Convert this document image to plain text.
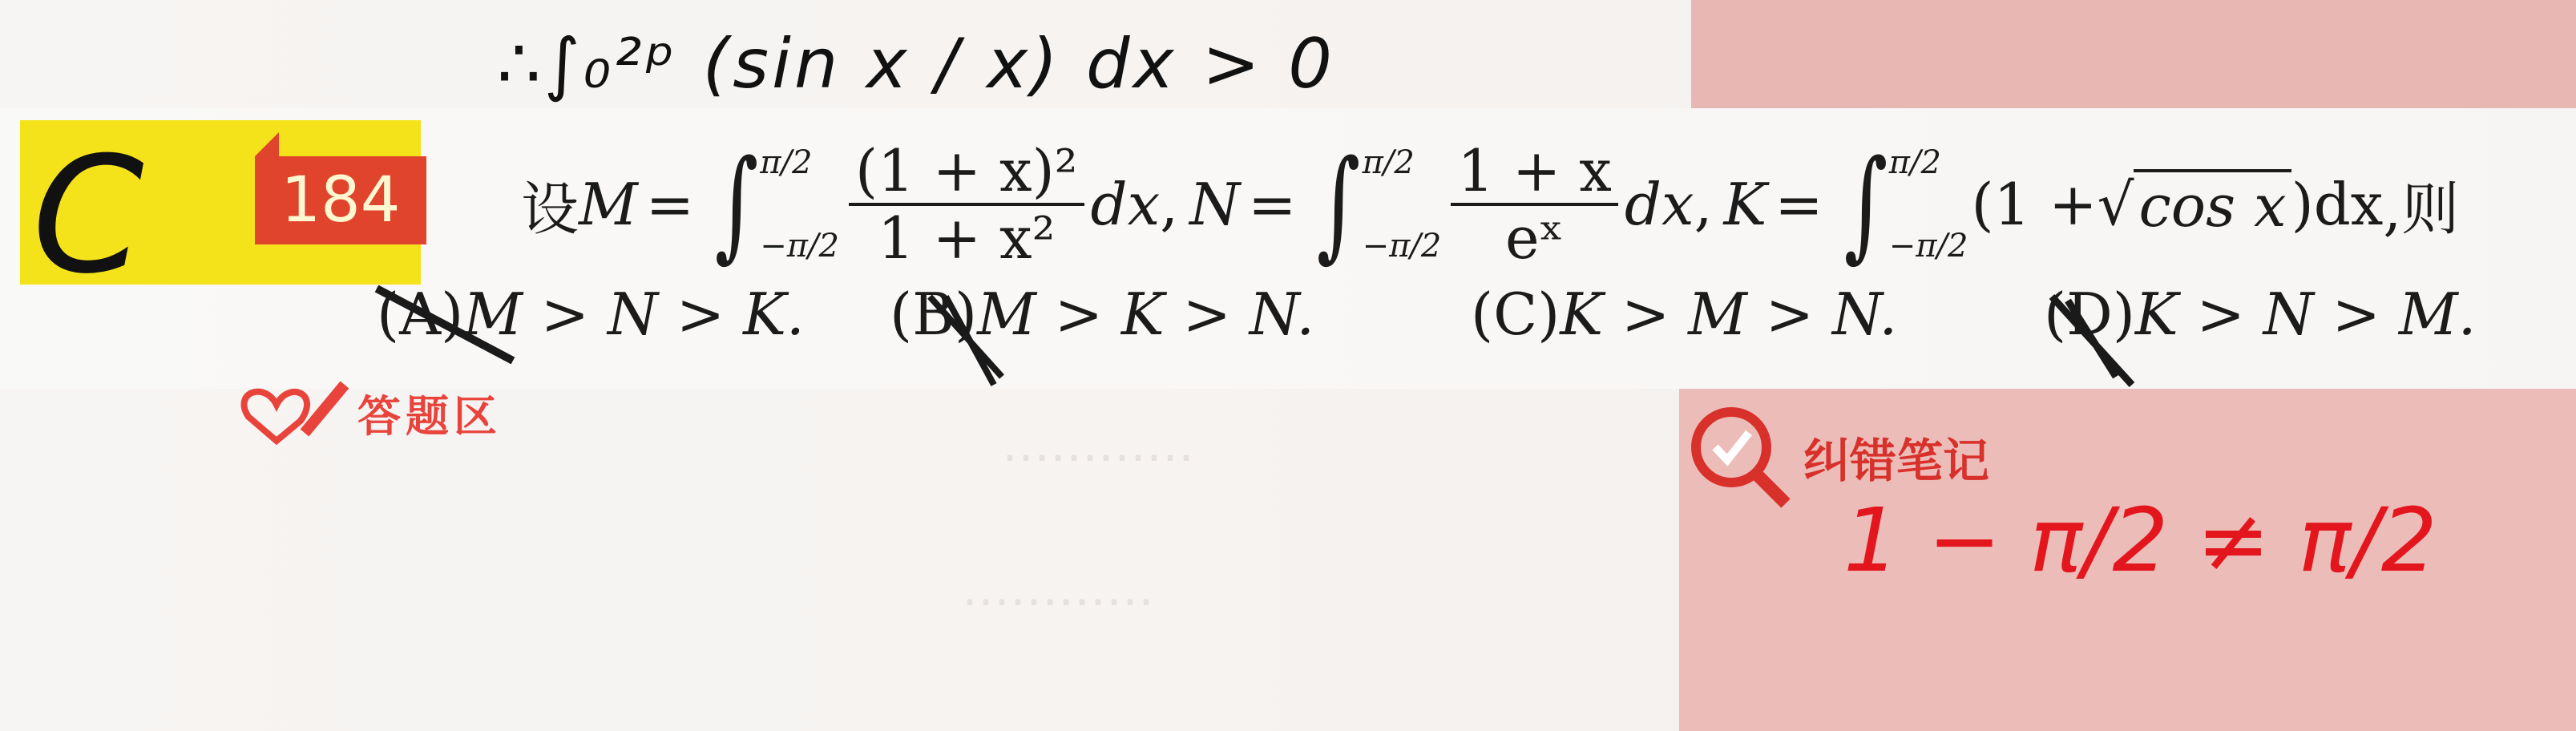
…………
…………
C	184
∴∫₀²ᵖ (sin x / x) dx > 0
设 M = ∫ π/2
$-\pi/2 \frac{\text{(1 + x)²}}{\text{1 + x²}}$ dx , N = ∫ π/2
$-\pi/2 \frac{1 + x}{\text{eˣ}}$ dx , K = ∫ π/2
−π/2
(1 + √ cos x )dx ,则
(A)M > N > K. (B)M > K > N.	(C)K > M > N.	(D)K > N > M.
答题区
纠错笔记
1 − π/2 ≠ π/2
